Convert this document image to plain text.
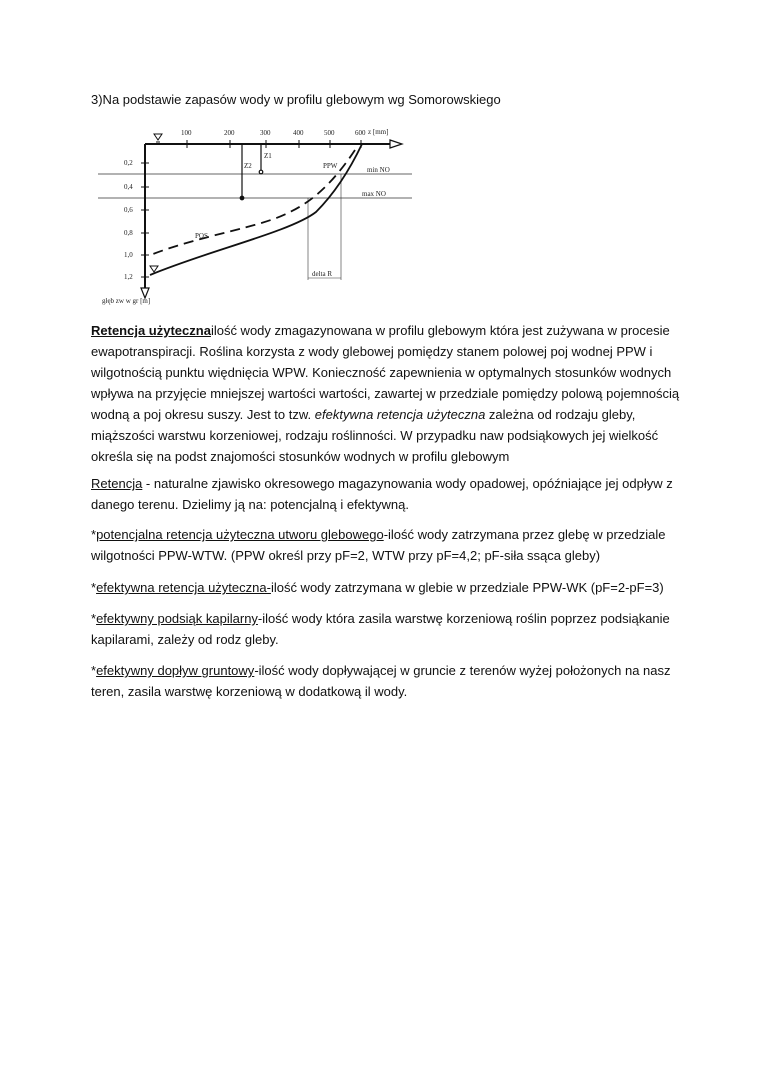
3)Na podstawie zapasów wody w profilu glebowym wg Somorowskiego
100	200	300	400	500	600
0,2
0,4
0,6
0,8
1,0
1,2
z [mm]
głęb zw w gr [m]
Z2
Z1
PPW
POS
min NO
max NO
delta R

Retencja użytecznailość wody zmagazynowana w profilu glebowym która jest zużywana w procesie ewapotranspiracji. Roślina korzysta z wody glebowej pomiędzy stanem polowej poj wodnej PPW i wilgotnością punktu więdnięcia WPW. Konieczność zapewnienia w optymalnych stosunków wodnych wpływa na przyjęcie mniejszej wartości wartości, zawartej w przedziale pomiędzy polową pojemnością wodną a poj okresu suszy. Jest to tzw. efektywna retencja użyteczna zależna od rodzaju gleby, miąższości warstwu korzeniowej, rodzaju roślinności. W przypadku naw podsiąkowych jej wielkość określa się na podst znajomości stosunków wodnych w profilu glebowym

Retencja - naturalne zjawisko okresowego magazynowania wody opadowej, opóźniające jej odpływ z danego terenu. Dzielimy ją na: potencjalną i efektywną.

*potencjalna retencja użyteczna utworu glebowego-ilość wody zatrzymana przez glebę w przedziale wilgotności PPW-WTW. (PPW określ przy pF=2, WTW przy pF=4,2; pF-siła ssąca gleby)

*efektywna retencja użyteczna-ilość wody zatrzymana w glebie w przedziale PPW-WK (pF=2-pF=3)

*efektywny podsiąk kapilarny-ilość wody która zasila warstwę korzeniową roślin poprzez podsiąkanie kapilarami, zależy od rodz gleby.

*efektywny dopływ gruntowy-ilość wody dopływającej w gruncie z terenów wyżej położonych na nasz teren, zasila warstwę korzeniową w dodatkową il wody.
